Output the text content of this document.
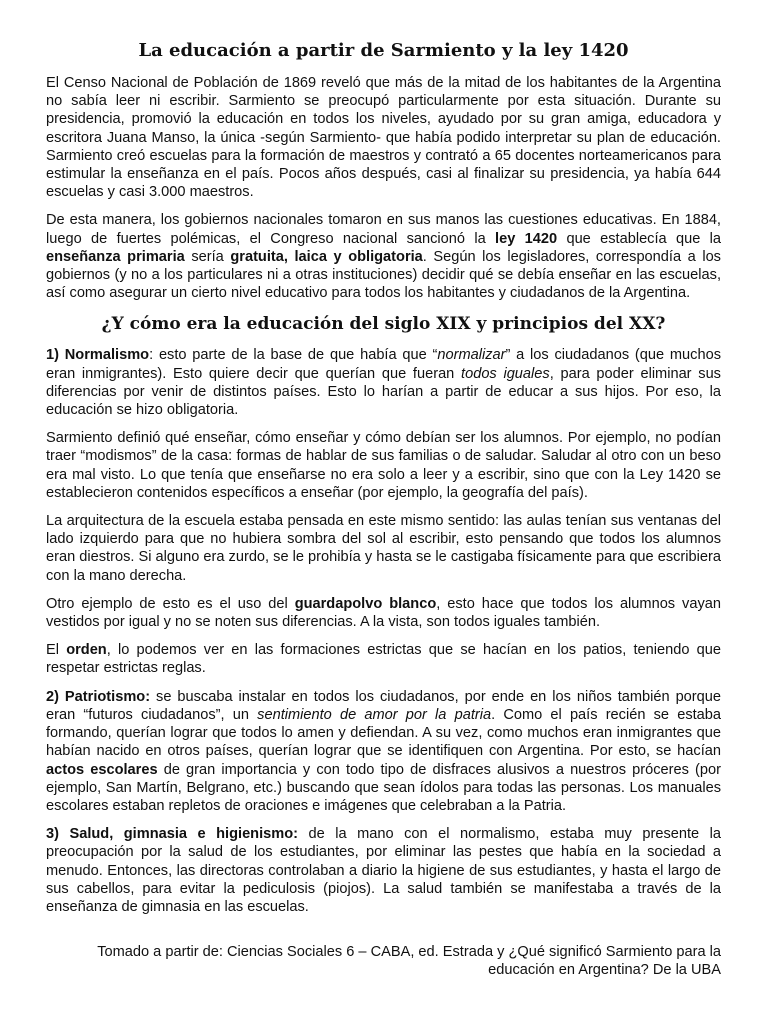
La educación a partir de Sarmiento y la ley 1420

El Censo Nacional de Población de 1869 reveló que más de la mitad de los habitantes de la Argentina no sabía leer ni escribir. Sarmiento se preocupó particularmente por esta situación. Durante su presidencia, promovió la educación en todos los niveles, ayudado por su gran amiga, educadora y escritora Juana Manso, la única -según Sarmiento- que había podido interpretar su plan de educación. Sarmiento creó escuelas para la formación de maestros y contrató a 65 docentes norteamericanos para estimular la enseñanza en el país. Pocos años después, casi al finalizar su presidencia, ya había 644 escuelas y casi 3.000 maestros.

De esta manera, los gobiernos nacionales tomaron en sus manos las cuestiones educativas. En 1884, luego de fuertes polémicas, el Congreso nacional sancionó la ley 1420 que establecía que la enseñanza primaria sería gratuita, laica y obligatoria. Según los legisladores, correspondía a los gobiernos (y no a los particulares ni a otras instituciones) decidir qué se debía enseñar en las escuelas, así como asegurar un cierto nivel educativo para todos los habitantes y ciudadanos de la Argentina.

¿Y cómo era la educación del siglo XIX y principios del XX?

1) Normalismo: esto parte de la base de que había que “normalizar” a los ciudadanos (que muchos eran inmigrantes). Esto quiere decir que querían que fueran todos iguales, para poder eliminar sus diferencias por venir de distintos países. Esto lo harían a partir de educar a sus hijos. Por eso, la educación se hizo obligatoria.

Sarmiento definió qué enseñar, cómo enseñar y cómo debían ser los alumnos. Por ejemplo, no podían traer “modismos” de la casa: formas de hablar de sus familias o de saludar. Saludar al otro con un beso era mal visto. Lo que tenía que enseñarse no era solo a leer y a escribir, sino que con la Ley 1420 se establecieron contenidos específicos a enseñar (por ejemplo, la geografía del país).

La arquitectura de la escuela estaba pensada en este mismo sentido: las aulas tenían sus ventanas del lado izquierdo para que no hubiera sombra del sol al escribir, esto pensando que todos los alumnos eran diestros. Si alguno era zurdo, se le prohibía y hasta se le castigaba físicamente para que escribiera con la mano derecha.

Otro ejemplo de esto es el uso del guardapolvo blanco, esto hace que todos los alumnos vayan vestidos por igual y no se noten sus diferencias. A la vista, son todos iguales también.

El orden, lo podemos ver en las formaciones estrictas que se hacían en los patios, teniendo que respetar estrictas reglas.

2) Patriotismo: se buscaba instalar en todos los ciudadanos, por ende en los niños también porque eran “futuros ciudadanos”, un sentimiento de amor por la patria. Como el país recién se estaba formando, querían lograr que todos lo amen y defiendan. A su vez, como muchos eran inmigrantes que habían nacido en otros países, querían lograr que se identifiquen con Argentina. Por esto, se hacían actos escolares de gran importancia y con todo tipo de disfraces alusivos a nuestros próceres (por ejemplo, San Martín, Belgrano, etc.) buscando que sean ídolos para todas las personas. Los manuales escolares estaban repletos de oraciones e imágenes que celebraban a la Patria.

3) Salud, gimnasia e higienismo: de la mano con el normalismo, estaba muy presente la preocupación por la salud de los estudiantes, por eliminar las pestes que había en la sociedad a menudo. Entonces, las directoras controlaban a diario la higiene de sus estudiantes, y hasta el largo de sus cabellos, para evitar la pediculosis (piojos). La salud también se manifestaba a través de la enseñanza de gimnasia en las escuelas.

Tomado a partir de: Ciencias Sociales 6 – CABA, ed. Estrada y ¿Qué significó Sarmiento para la educación en Argentina? De la UBA
